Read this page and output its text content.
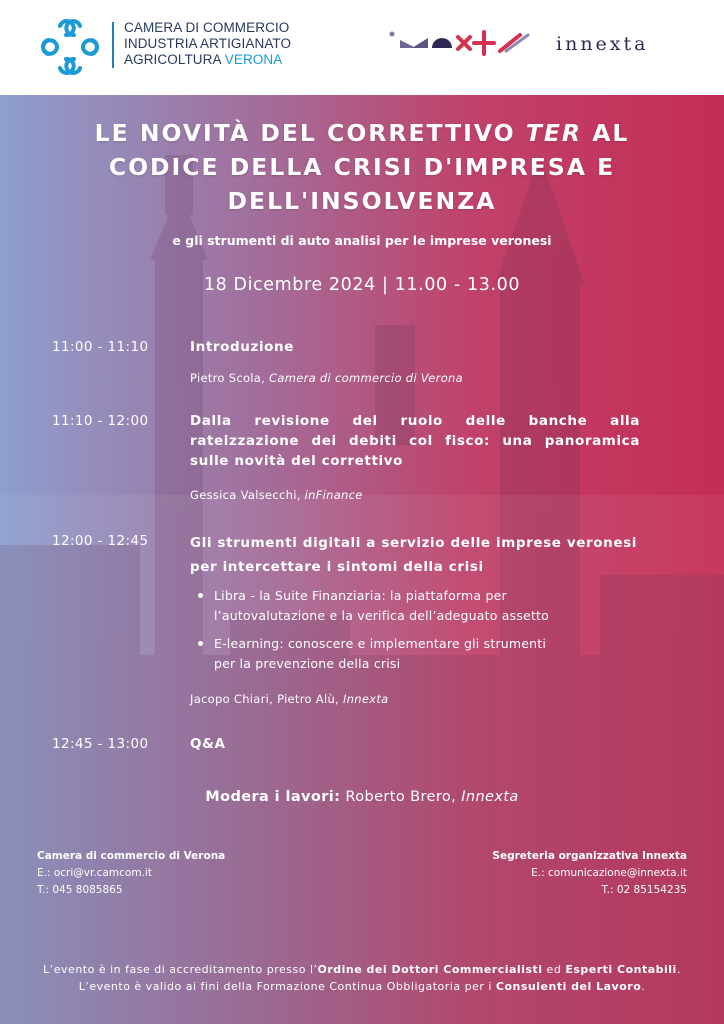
CAMERA DI COMMERCIO
INDUSTRIA ARTIGIANATO
AGRICOLTURA VERONA
innexta
LE NOVITÀ DEL CORRETTIVO TER AL
CODICE DELLA CRISI D'IMPRESA E
DELL'INSOLVENZA
e gli strumenti di auto analisi per le imprese veronesi
18 Dicembre 2024 | 11.00 - 13.00
11:00 - 11:10	Introduzione
Pietro Scola, Camera di commercio di Verona
11:10 - 12:00	Dalla revisione del ruolo delle banche alla rateizzazione dei debiti col fisco: una panoramica sulle novità del correttivo
Gessica Valsecchi, inFinance
12:00 - 12:45	Gli strumenti digitali a servizio delle imprese veronesi
per intercettare i sintomi della crisi
Libra - la Suite Finanziaria: la piattaforma per
l’autovalutazione e la verifica dell’adeguato assetto
E-learning: conoscere e implementare gli strumenti
per la prevenzione della crisi
Jacopo Chiari, Pietro Alù, Innexta
12:45 - 13:00	Q&A
Modera i lavori: Roberto Brero, Innexta
Camera di commercio di Verona
E.: ocri@vr.camcom.it
T.: 045 8085865
Segreteria organizzativa Innexta
E.: comunicazione@innexta.it
T.: 02 85154235
L’evento è in fase di accreditamento presso l’Ordine dei Dottori Commercialisti ed Esperti Contabili.
L’evento è valido ai fini della Formazione Continua Obbligatoria per i Consulenti del Lavoro.
